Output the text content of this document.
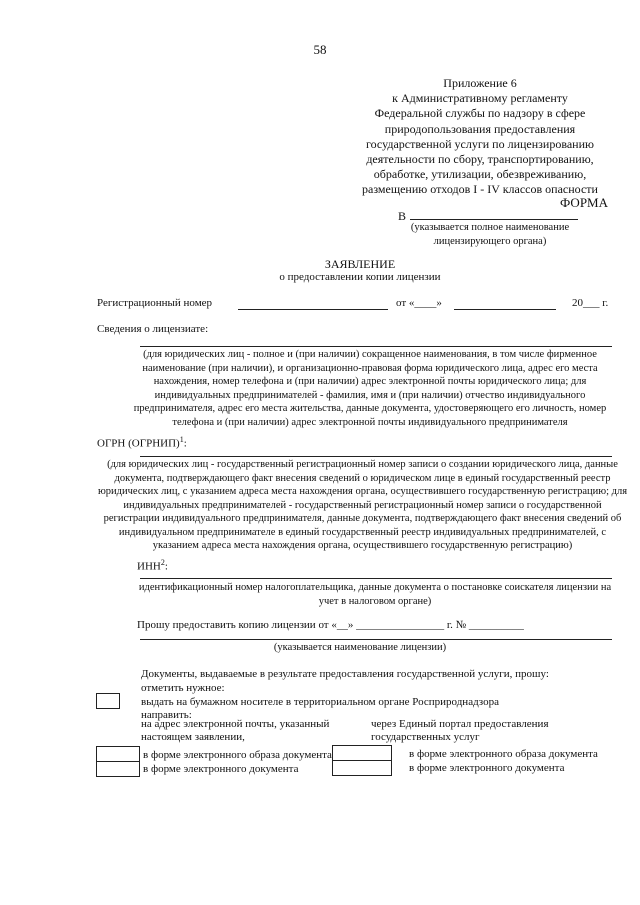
58
Приложение 6
к Административному регламенту
Федеральной службы по надзору в сфере
природопользования предоставления
государственной услуги по лицензированию
деятельности по сбору, транспортированию,
обработке, утилизации, обезвреживанию,
размещению отходов I - IV классов опасности
ФОРМА
В
(указывается полное наименование
лицензирующего органа)
ЗАЯВЛЕНИЕ
о предоставлении копии лицензии
Регистрационный номер	от «____»	20___ г.
Сведения о лицензиате:
(для юридических лиц - полное и (при наличии) сокращенное наименования, в том числе фирменное наименование (при наличии), и организационно-правовая форма юридического лица, адрес его места нахождения, номер телефона и (при наличии) адрес электронной почты юридического лица; для индивидуальных предпринимателей - фамилия, имя и (при наличии) отчество индивидуального предпринимателя, адрес его места жительства, данные документа, удостоверяющего его личность, номер телефона и (при наличии) адрес электронной почты индивидуального предпринимателя
ОГРН (ОГРНИП)$^1$:
(для юридических лиц - государственный регистрационный номер записи о создании юридического лица, данные документа, подтверждающего факт внесения сведений о юридическом лице в единый государственный реестр юридических лиц, с указанием адреса места нахождения органа, осуществившего государственную регистрацию; для индивидуальных предпринимателей - государственный регистрационный номер записи о государственной регистрации индивидуального предпринимателя, данные документа, подтверждающего факт внесения сведений об индивидуальном предпринимателе в единый государственный реестр индивидуальных предпринимателей, с указанием адреса места нахождения органа, осуществившего государственную регистрацию)
ИНН$^2$:
идентификационный номер налогоплательщика, данные документа о постановке соискателя лицензии на учет в налоговом органе)
Прошу предоставить копию лицензии от «__» ________________ г. № __________
(указывается наименование лицензии)
Документы, выдаваемые в результате предоставления государственной услуги, прошу:
отметить нужное:
выдать на бумажном носителе в территориальном органе Росприроднадзора
направить:
на адрес электронной почты, указанный
настоящем заявлении,
через Единый портал предоставления
государственных услуг
в форме электронного образа документа
в форме электронного документа
в форме электронного образа документа
в форме электронного документа
